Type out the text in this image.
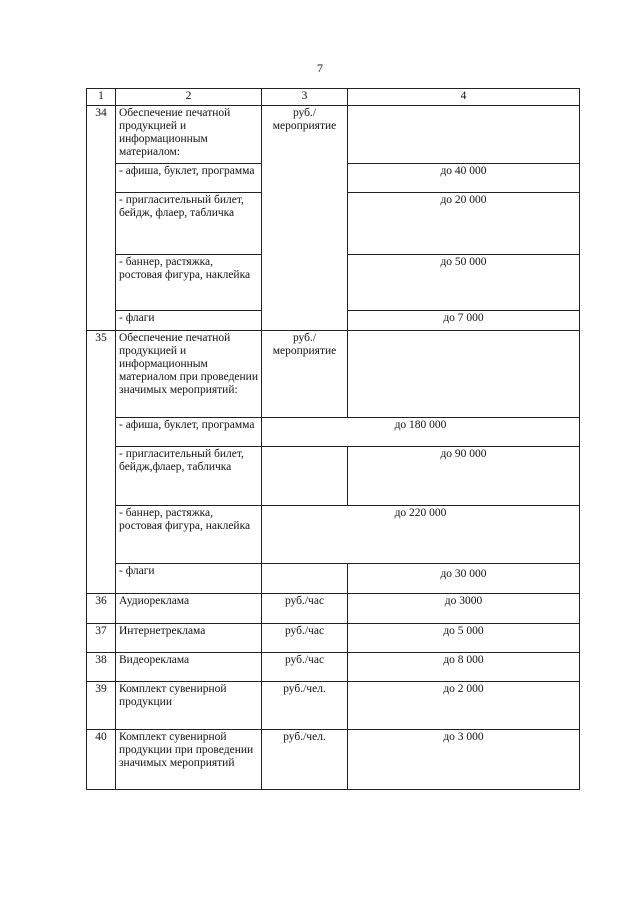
7
1	2	3	4
34	Обеспечение печатной продукцией и информационным материалом:	руб./ мероприятие	
	- афиша, буклет, программа		до 40 000
	- пригласительный билет, бейдж, флаер, табличка		до 20 000
	- баннер, растяжка, ростовая фигура, наклейка		до 50 000
	- флаги		до 7 000
35	Обеспечение печатной продукцией и информационным материалом при проведении значимых мероприятий:	руб./ мероприятие	
	- афиша, буклет, программа	до 180 000	
	- пригласительный билет, бейдж,флаер, табличка		до 90 000
	- баннер, растяжка, ростовая фигура, наклейка	до 220 000	
	- флаги		до 30 000
36	Аудиореклама	руб./час	до 3000
37	Интернетреклама	руб./час	до 5 000
38	Видеореклама	руб./час	до 8 000
39	Комплект сувенирной продукции	руб./чел.	до 2 000
40	Комплект сувенирной продукции при проведении значимых мероприятий	руб./чел.	до 3 000
